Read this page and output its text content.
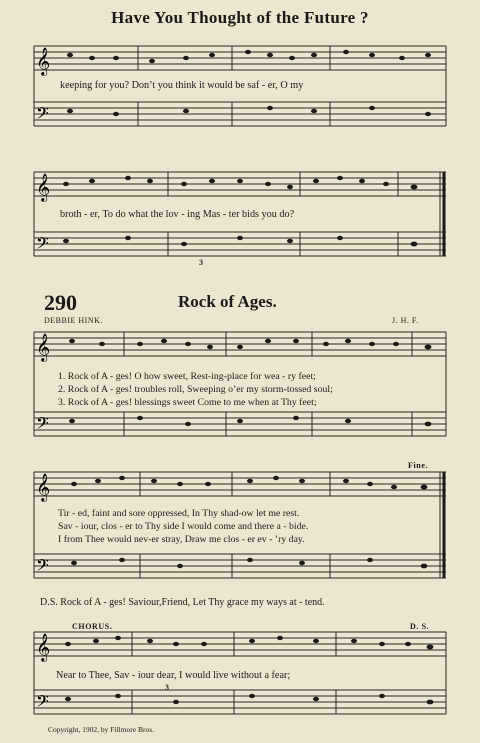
Have You Thought of the Future ?
𝄞
𝄢
keeping for you? Don’t you think it would be saf - er, O my
𝄞
𝄢
broth - er, To do what the lov - ing Mas - ter bids you do?
3
290	Rock of Ages.
DEBBIE HINK.	J. H. F.
𝄞
𝄢
1. Rock of A - ges! O how sweet, Rest-ing-place for wea - ry feet;
2. Rock of A - ges! troubles roll, Sweeping o’er my storm-tossed soul;
3. Rock of A - ges! blessings sweet Come to me when at Thy feet;
Fine.
𝄞
𝄢
Tir - ed, faint and sore oppressed, In Thy shad-ow let me rest.
Sav - iour, clos - er to Thy side I would come and there a - bide.
I from Thee would nev-er stray, Draw me clos - er ev - ’ry day.
D.S. Rock of A - ges! Saviour,Friend, Let Thy grace my ways at - tend.
CHORUS.	D. S.
𝄞
𝄢
Near to Thee, Sav - iour dear, I would live without a fear;
3
Copyright, 1902, by Fillmore Bros.
